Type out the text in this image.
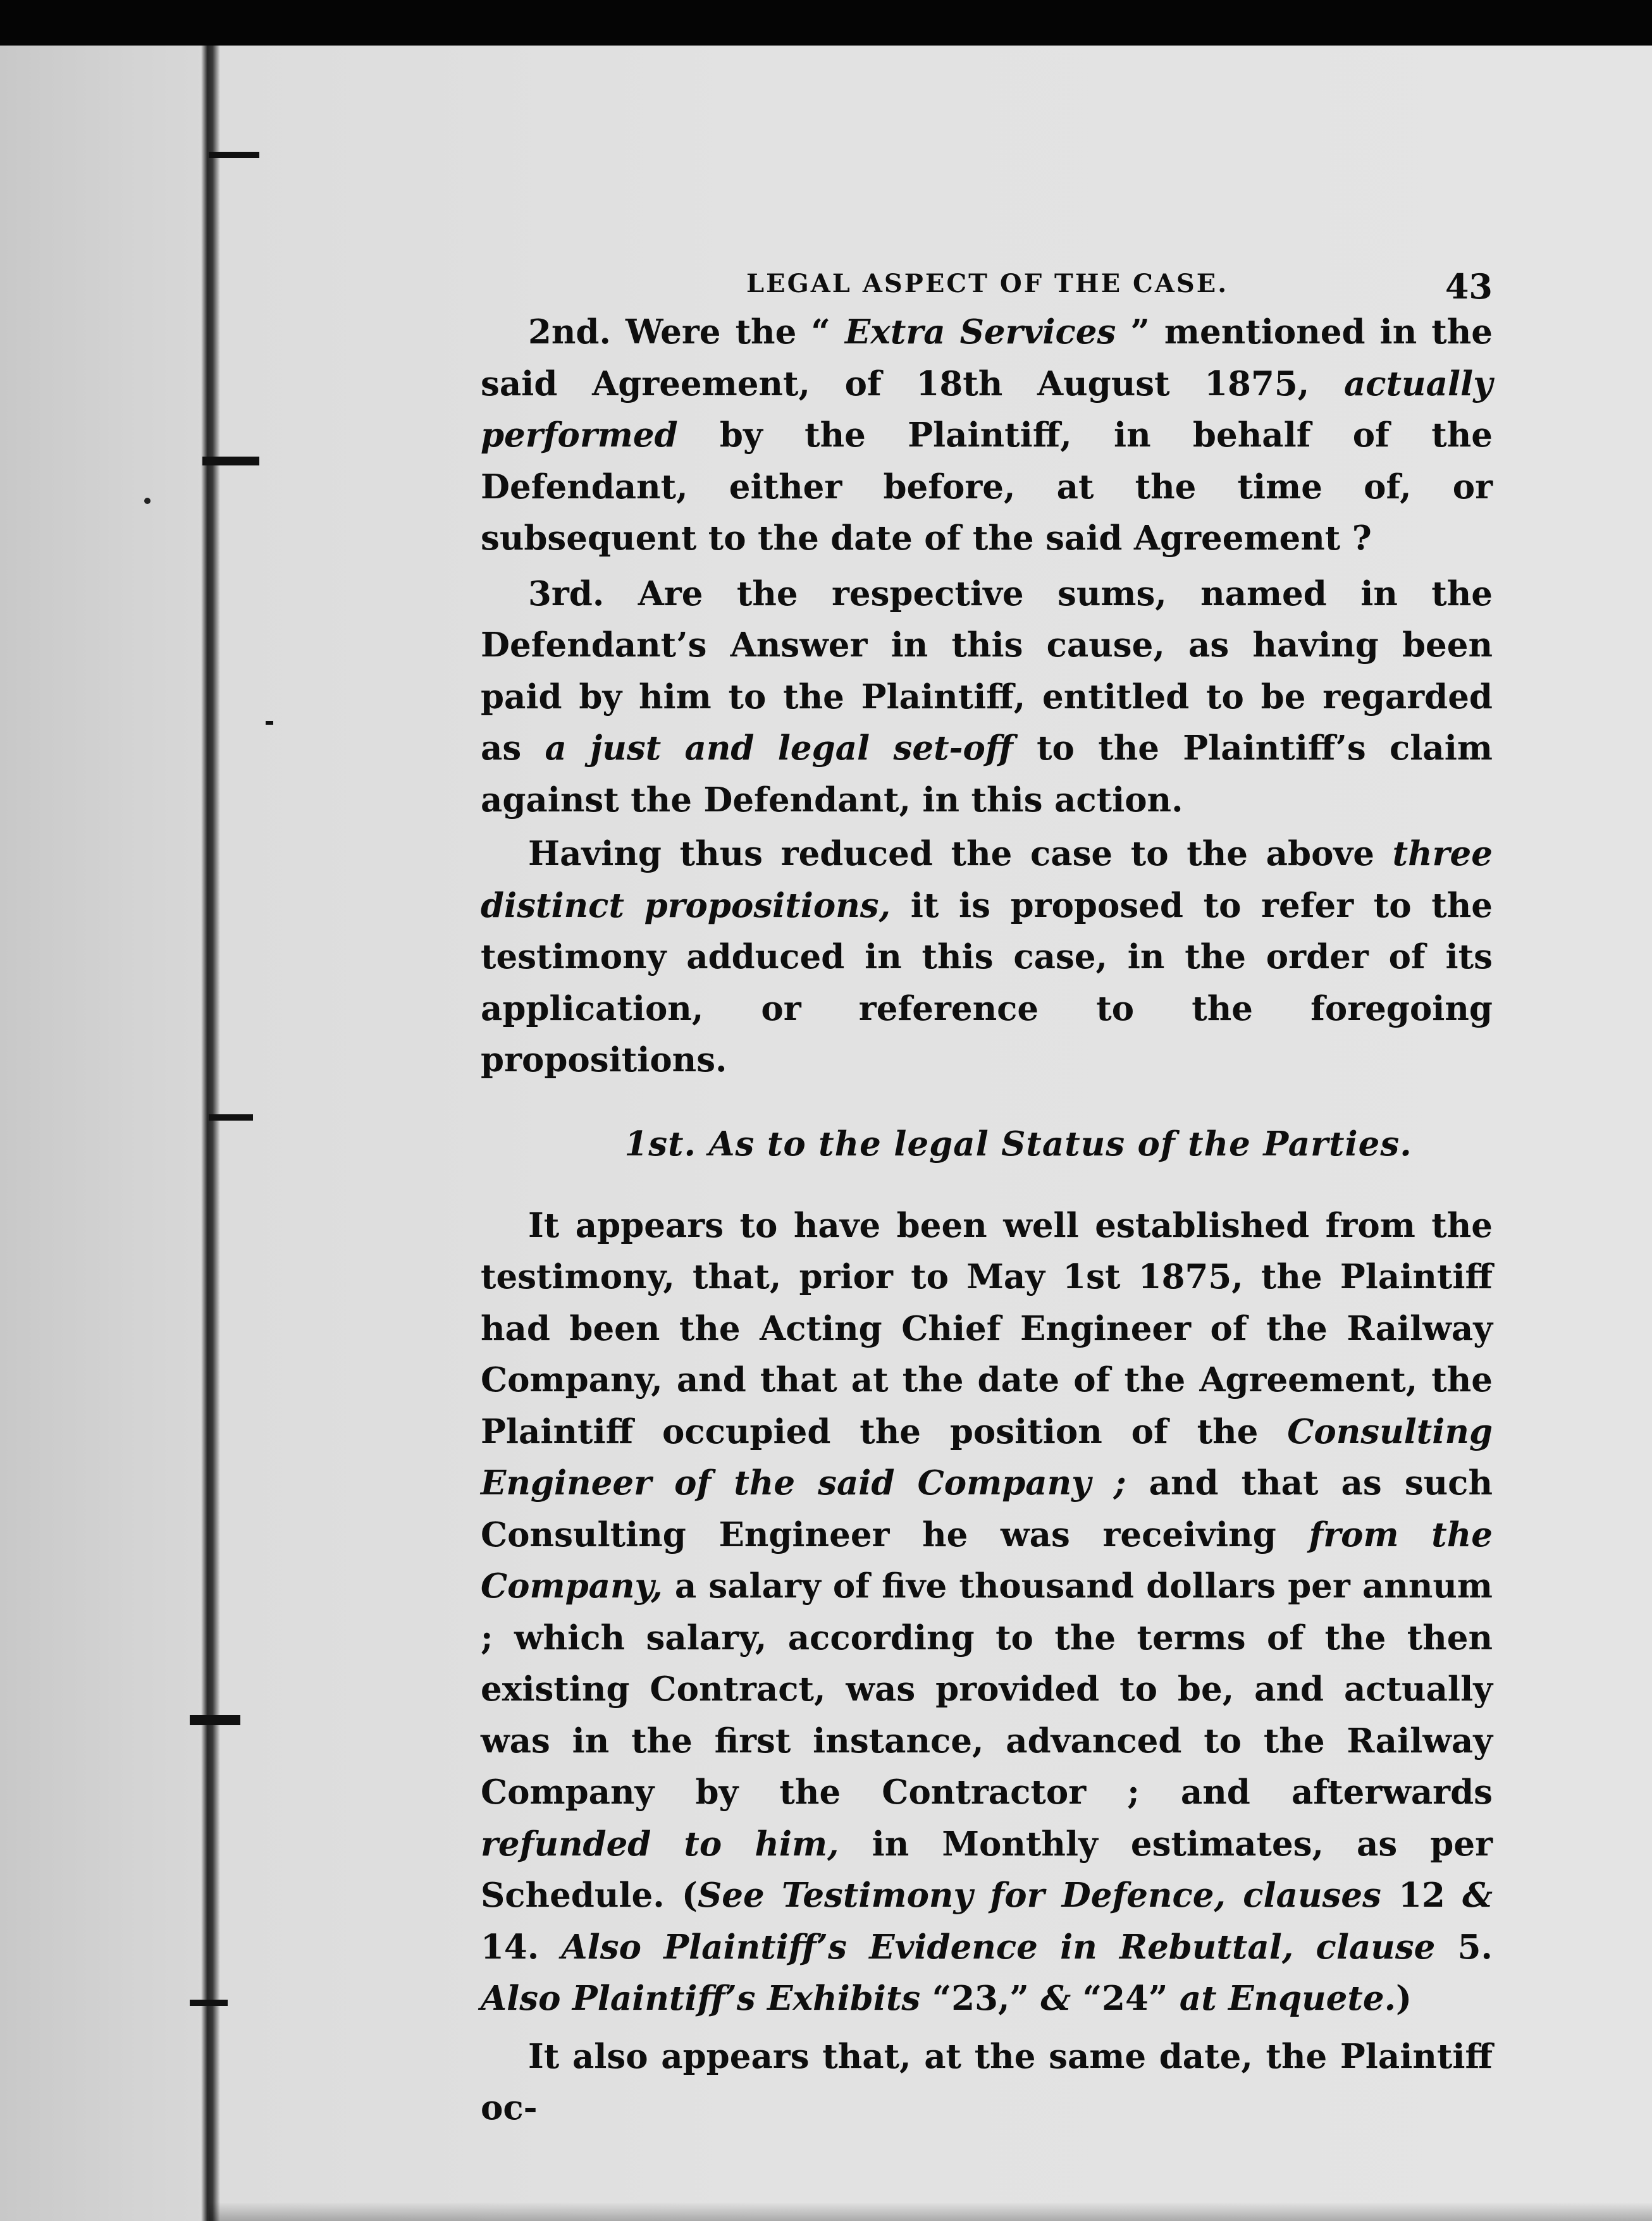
LEGAL ASPECT OF THE CASE.	43

2nd. Were the “ Extra Services ” mentioned in the said Agreement, of 18th August 1875, actually performed by the Plaintiff, in behalf of the Defendant, either before, at the time of, or subsequent to the date of the said Agreement ?

3rd. Are the respective sums, named in the Defendant’s Answer in this cause, as having been paid by him to the Plaintiff, entitled to be regarded as a just and legal set-off to the Plaintiff’s claim against the Defendant, in this action.

Having thus reduced the case to the above three distinct propositions, it is proposed to refer to the testimony adduced in this case, in the order of its application, or reference to the foregoing propositions.

1st. As to the legal Status of the Parties.

It appears to have been well established from the testimony, that, prior to May 1st 1875, the Plaintiff had been the Acting Chief Engineer of the Railway Company, and that at the date of the Agreement, the Plaintiff occupied the position of the Consulting Engineer of the said Company ; and that as such Consulting Engineer he was receiving from the Company, a salary of five thousand dollars per annum ; which salary, according to the terms of the then existing Contract, was provided to be, and actually was in the first instance, advanced to the Railway Company by the Contractor ; and afterwards refunded to him, in Monthly estimates, as per Schedule. (See Testimony for Defence, clauses 12 & 14. Also Plaintiff’s Evidence in Rebuttal, clause 5. Also Plaintiff’s Exhibits “23,” & “24” at Enquete.)

It also appears that, at the same date, the Plaintiff oc-
